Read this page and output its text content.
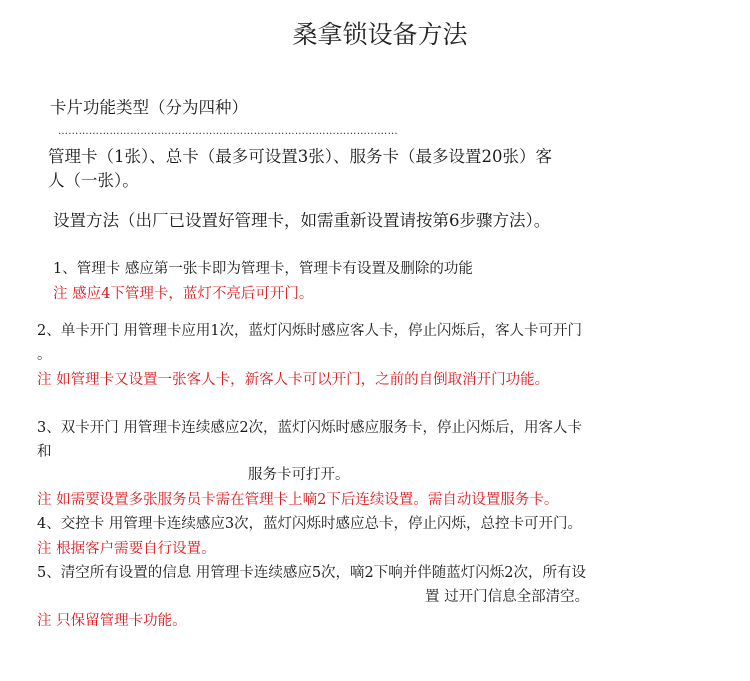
桑拿锁设备方法
卡片功能类型（分为四种）
………………………………………………………………………………………
管理卡（1张）、总卡（最多可设置3张）、服务卡（最多设置20张）客
人（一张）。
设置方法（出厂已设置好管理卡，如需重新设置请按第6步骤方法）。
1、管理卡 感应第一张卡即为管理卡，管理卡有设置及删除的功能
注 感应4下管理卡，蓝灯不亮后可开门。
2、单卡开门 用管理卡应用1次，蓝灯闪烁时感应客人卡，停止闪烁后，客人卡可开门
。
注 如管理卡又设置一张客人卡，新客人卡可以开门，之前的自倒取消开门功能。
3、双卡开门 用管理卡连续感应2次，蓝灯闪烁时感应服务卡，停止闪烁后，用客人卡
和
服务卡可打开。
注 如需要设置多张服务员卡需在管理卡上嘀2下后连续设置。需自动设置服务卡。
4、交控卡 用管理卡连续感应3次，蓝灯闪烁时感应总卡，停止闪烁，总控卡可开门。
注 根据客户需要自行设置。
5、清空所有设置的信息 用管理卡连续感应5次，嘀2下响并伴随蓝灯闪烁2次，所有设
置 过开门信息全部清空。
注 只保留管理卡功能。
